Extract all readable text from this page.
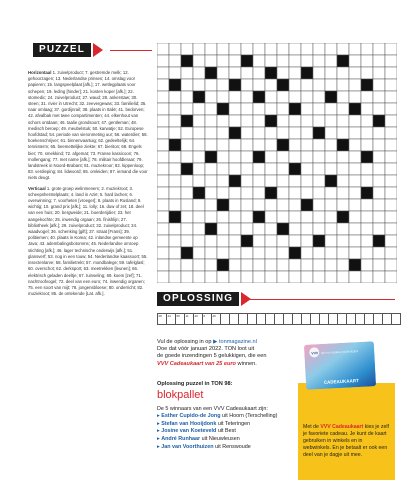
PUZZEL

Horizontaal 1. zuivelproduct; 7. gestremde melk; 12. gehoorzagen; 13. Nederlandse prinses; 14. omslag voor papieren; 15. langspeelplaat [afk.]; 17. wetlegplaats voor schepen; 19. leding [hinder]; 21. kosten koper [afk.]; 22. stomedic; 24. zuivelproduct; 27. waud; 28. ankerstaw; 30. steen; 31. rivier in Utrecht; 32. zeevergewas; 33. familielid; 35. naar omlaag; 37. gordijnrail; 38. plaats in Italië; 41. bedorven; 42. afvalbak met twee compartimenten; 44. elkenhout van schors ontdaan; 46. taalie grondsoort; 47. gentleman; 48. medisch beroep; 49. meubelstuk; 50. karwatje; 52. Europese hoofdstad; 54. periode van vieronmeting uur; 56. waterdier; 58. boekenschrijver; 61. binnenvaartuig; 62. gedeeltelijk; 64. tennisterm; 65. beemettelijke ziekte; 67. bieriton; 68. Engels bier; 70. smekkind; 72. afgemat; 73. Franse kassicoon; 76. mollengang; 77. met name [afk.]; 78. militair hoofdleraar; 79. landstreek in Noord-Brabant; 81. muziekroor; 82. kippenloop; 83. verdieping; 84. lidwoord; 85. omleiden; 87. iemand die voor niets deugt.

Verticaal 1. grote groep welinmeners; 2. muziekroot; 3. scheepsherstelplaats; 4. land in Azië; 5. hard lachen; 6. overwinning; 7. voorheten [vroeger]; 8. plaats in Rusland; 9. wichtig; 10. grand prix [afk.]; 11. lolly; 16. duw of zet; 18. deel van een huis; 20. bergweide; 21. boerderijdier; 23. het aangekochte; 25. inwendig orgaan; 26. finishlijn; 27. bibliotheek [afk.]; 29. zuivelproduct; 32. zuivelproduct; 34. waadvogel; 36. schenking [gift]; 37. straat [Frans]; 39. politiemen; 40. plaats in Korea; 42. inlandse gemeente op Java; 43. adembalingsbotomms; 45. Nederlandse omroep stichting [afk.]; 46. lager technische onderwijs [afk.]; 51. glansverf; 53. nog in een touw; 54. Nederlandse kaassoort; 55. insectenlarve; 58. familietrekt; 57. mondbalege; 59. tafelglasl; 60. overschot; 62. derksport; 63. meetrekken [leunen]; 66. elektrisch geladen deeltje; 67. tuinseling; 69. koem [zef]; 71. nachtroofvogel; 72. deel van een euro; 74. inwendig organen; 75. een soort van mijt; 78. jongensbloese; 80. onderricht; 82. muziekroot; 85. de ontekende [Lat. afk.].	OPLOSSING
28	44	65	11	40	6	46
Vul de oplossing in op ▶ tonmagazine.nl
Doe dat vóór januari 2022. TON loot uit
de goede inzendingen 5 gelukkigen, die een
VVV Cadeaukaart van 25 euro winnen.
Oplossing puzzel in TON 98:
blokpallet
De 5 winnaars van een VVV Cadeaukaart zijn:
▸ Esther Cupido-de Jong uit Hoorn (Terschelling)
▸ Stefan van Hooijdonk uit Teteringen
▸ Josine van Koeteveld uit Best
▸ André Runhaar uit Nieuwleusen
▸ Jan van Voorthuizen uit Renswoude
VVV DÉ VVV CADEAU VOOR IEDER
CADEAUKAART
Met de VVV Cadeaukaart kies je zelf je favoriete cadeau. Je kunt de kaart gebruiken in winkels en in webwinkels. En je betaalt er ook een deel van je dagje uit mee.
